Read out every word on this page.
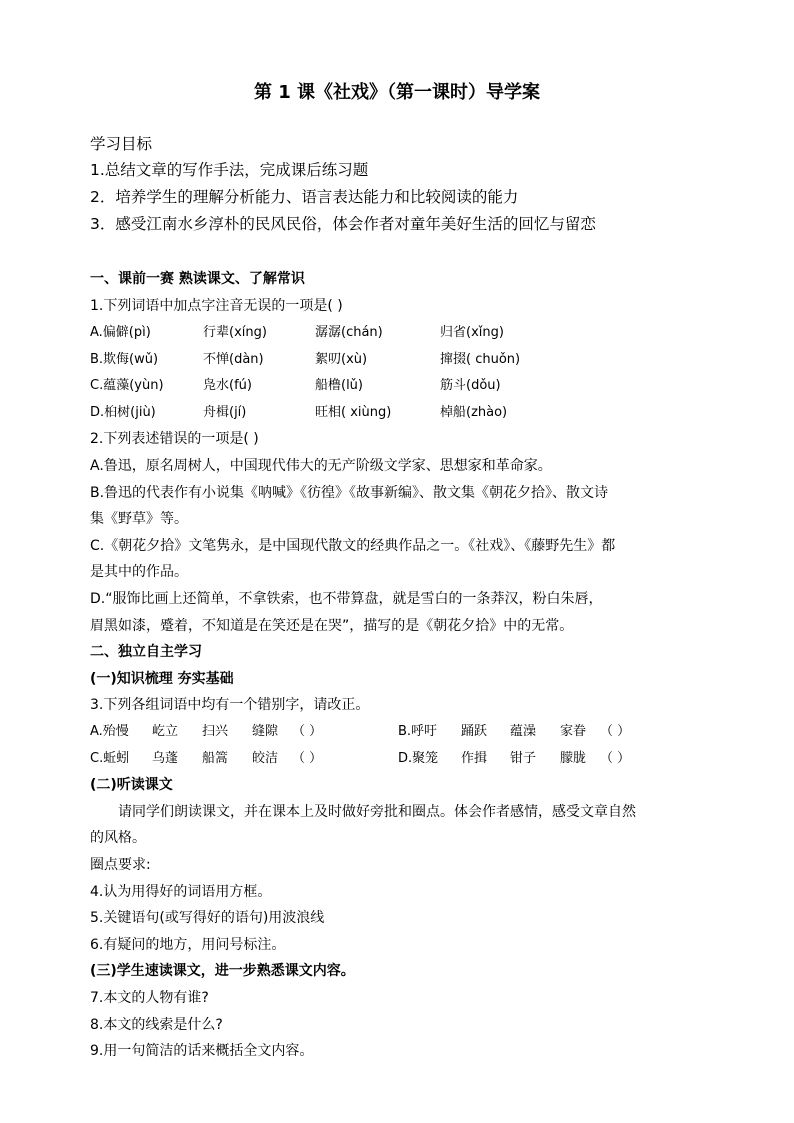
第 1 课《社戏》（第一课时）导学案
学习目标
1.总结文章的写作手法，完成课后练习题
2．培养学生的理解分析能力、语言表达能力和比较阅读的能力
3．感受江南水乡淳朴的民风民俗，体会作者对童年美好生活的回忆与留恋
一、课前一赛 熟读课文、了解常识
1.下列词语中加点字注音无误的一项是( )
A.偏僻(pì)	行辈(xíng)	潺潺(chán)	归省(xǐng)
B.欺侮(wǔ)	不惮(dàn)	絮叨(xù)	撺掇( chuǒn)
C.蕴藻(yùn)	凫水(fú)	船橹(lǔ)	筋斗(dǒu)
D.桕树(jiù)	舟楫(jí)	旺相( xiùng)	棹船(zhào)
2.下列表述错误的一项是( )
A.鲁迅，原名周树人，中国现代伟大的无产阶级文学家、思想家和革命家。
B.鲁迅的代表作有小说集《呐喊》《彷徨》《故事新编》、散文集《朝花夕拾》、散文诗
集《野草》等。
C.《朝花夕拾》文笔隽永，是中国现代散文的经典作品之一。《社戏》、《藤野先生》都
是其中的作品。
D.“服饰比画上还简单，不拿铁索，也不带算盘，就是雪白的一条莽汉，粉白朱唇，
眉黑如漆，蹙着，不知道是在笑还是在哭”，描写的是《朝花夕拾》中的无常。
二、独立自主学习
(一)知识梳理 夯实基础
3.下列各组词语中均有一个错别字，请改正。
A.殆慢 屹立 扫兴 缝隙 （ ）	B.呼吁 踊跃 蕴澡 家眷 （ ）
C.蚯蚓 乌蓬 船篙 皎洁 （ ）	D.聚笼 作揖 钳子 朦胧 （ ）
(二)听读课文
请同学们朗读课文，并在课本上及时做好旁批和圈点。体会作者感情，感受文章自然
的风格。
圈点要求:
4.认为用得好的词语用方框。
5.关键语句(或写得好的语句)用波浪线
6.有疑问的地方，用问号标注。
(三)学生速读课文，进一步熟悉课文内容。
7.本文的人物有谁?
8.本文的线索是什么?
9.用一句简洁的话来概括全文内容。
